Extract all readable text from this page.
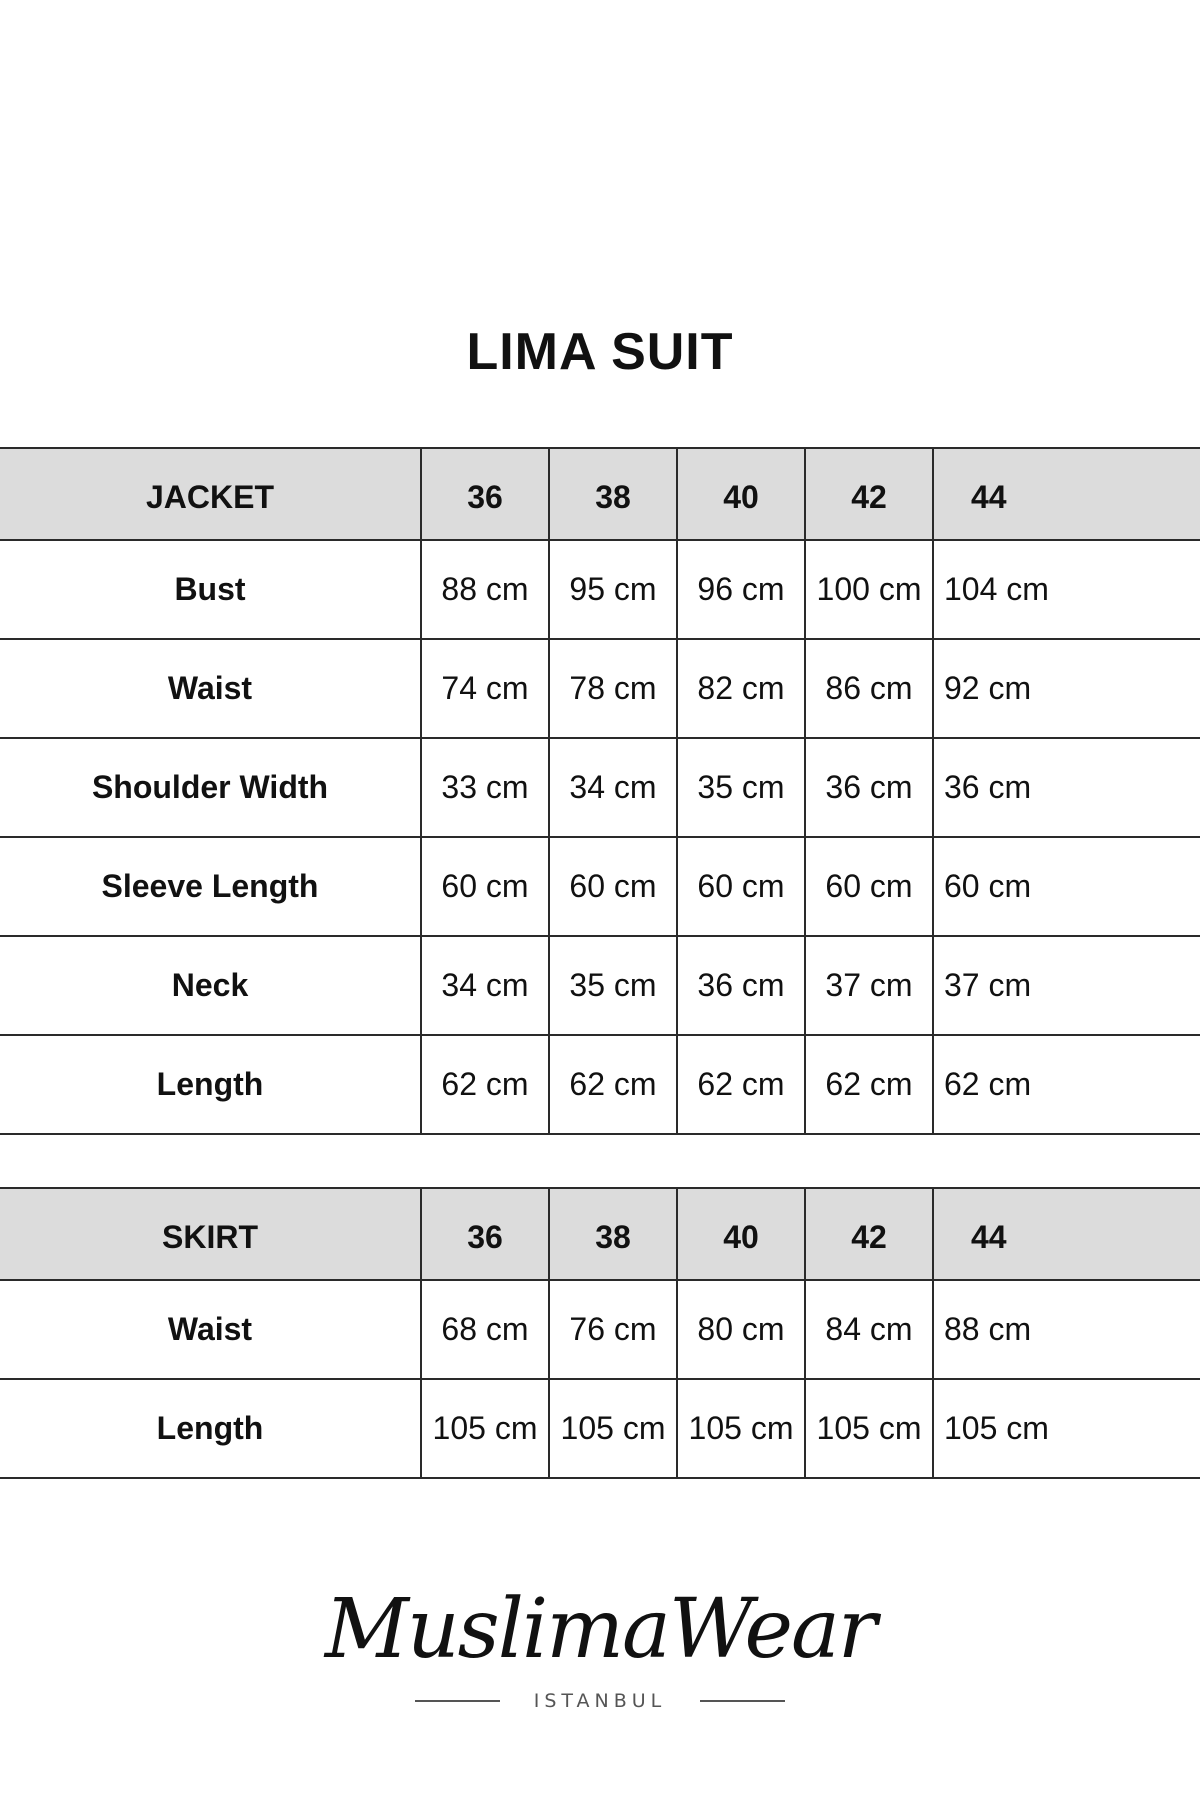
LIMA SUIT
JACKET	36	38	40	42	44
Bust	88 cm	95 cm	96 cm	100 cm	104 cm
Waist	74 cm	78 cm	82 cm	86 cm	92 cm
Shoulder Width	33 cm	34 cm	35 cm	36 cm	36 cm
Sleeve Length	60 cm	60 cm	60 cm	60 cm	60 cm
Neck	34 cm	35 cm	36 cm	37 cm	37 cm
Length	62 cm	62 cm	62 cm	62 cm	62 cm
SKIRT	36	38	40	42	44
Waist	68 cm	76 cm	80 cm	84 cm	88 cm
Length	105 cm	105 cm	105 cm	105 cm	105 cm
MuslimaWear
ISTANBUL
